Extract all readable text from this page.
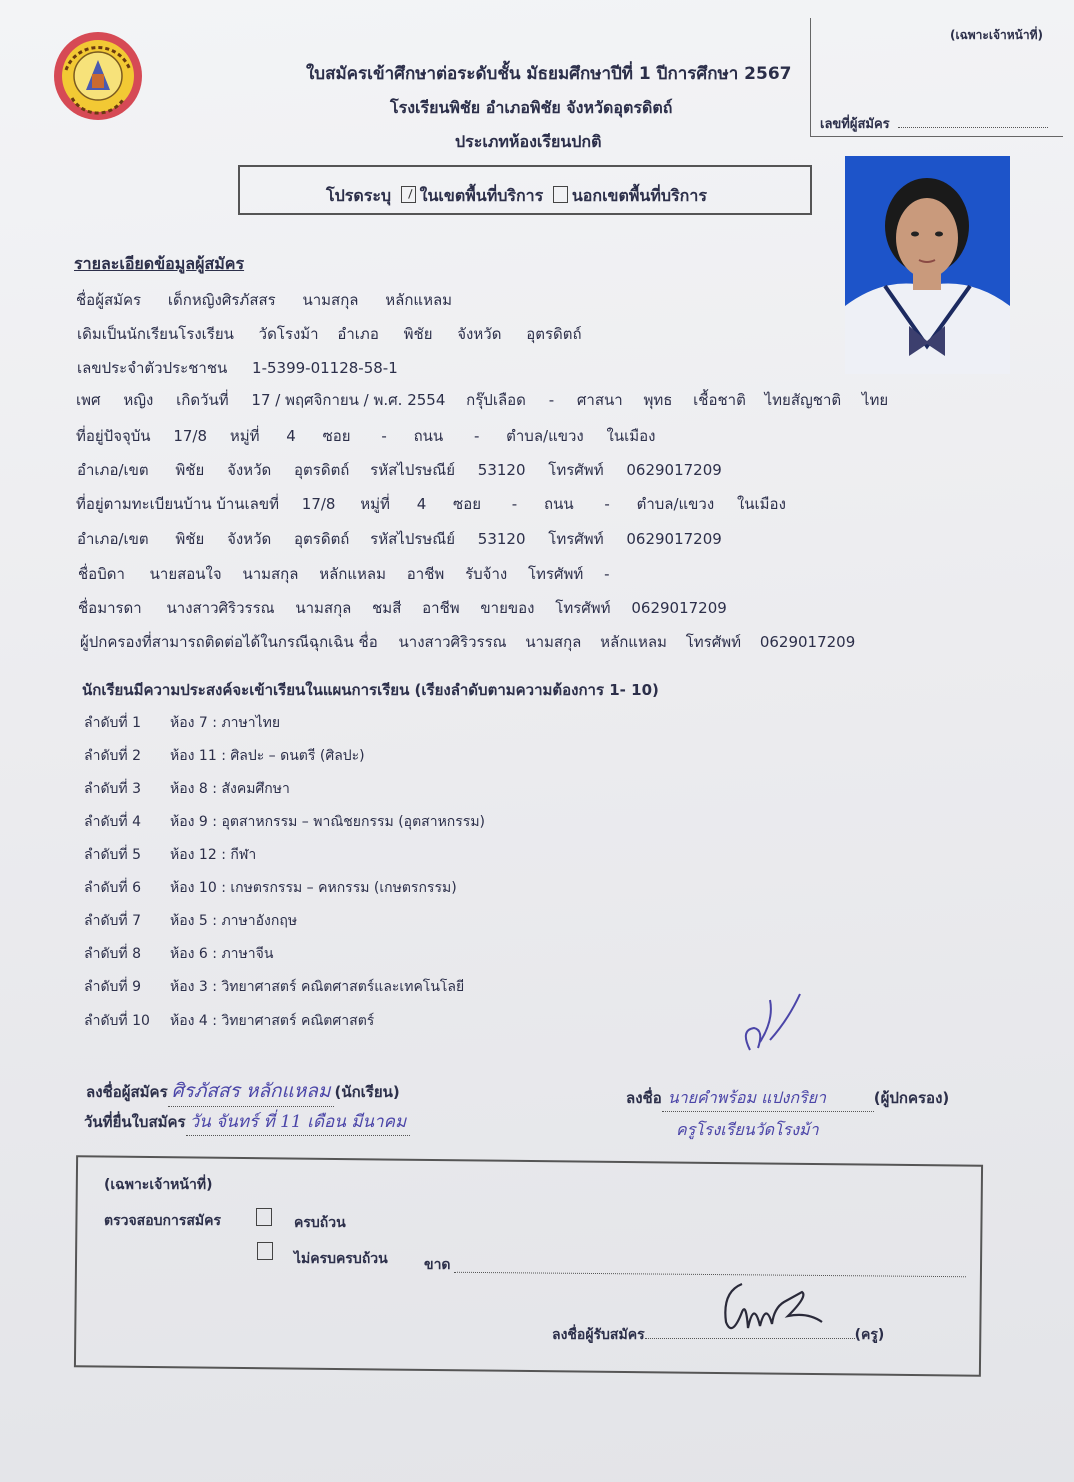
ใบสมัครเข้าศึกษาต่อระดับชั้น มัธยมศึกษาปีที่ 1 ปีการศึกษา 2567
โรงเรียนพิชัย อำเภอพิชัย จังหวัดอุตรดิตถ์
ประเภทห้องเรียนปกติ
(เฉพาะเจ้าหน้าที่)
เลขที่ผู้สมัคร
โปรดระบุ ในเขตพื้นที่บริการ นอกเขตพื้นที่บริการ
รายละเอียดข้อมูลผู้สมัคร
ชื่อผู้สมัคร เด็กหญิงศิรภัสสร นามสกุล หลักแหลม
เดิมเป็นนักเรียนโรงเรียน วัดโรงม้า อำเภอ พิชัย จังหวัด อุตรดิตถ์
เลขประจำตัวประชาชน 1-5399-01128-58-1
เพศ หญิง เกิดวันที่ 17 / พฤศจิกายน / พ.ศ. 2554 กรุ๊ปเลือด - ศาสนา พุทธ เชื้อชาติ ไทยสัญชาติ ไทย
ที่อยู่ปัจจุบัน 17/8 หมู่ที่ 4 ซอย - ถนน - ตำบล/แขวง ในเมือง
อำเภอ/เขต พิชัย จังหวัด อุตรดิตถ์ รหัสไปรษณีย์ 53120 โทรศัพท์ 0629017209
ที่อยู่ตามทะเบียนบ้าน บ้านเลขที่ 17/8 หมู่ที่ 4 ซอย - ถนน - ตำบล/แขวง ในเมือง
อำเภอ/เขต พิชัย จังหวัด อุตรดิตถ์ รหัสไปรษณีย์ 53120 โทรศัพท์ 0629017209
ชื่อบิดา นายสอนใจ นามสกุล หลักแหลม อาชีพ รับจ้าง โทรศัพท์ -
ชื่อมารดา นางสาวศิริวรรณ นามสกุล ชมสี อาชีพ ขายของ โทรศัพท์ 0629017209
ผู้ปกครองที่สามารถติดต่อได้ในกรณีฉุกเฉิน ชื่อ นางสาวศิริวรรณ นามสกุล หลักแหลม โทรศัพท์ 0629017209
นักเรียนมีความประสงค์จะเข้าเรียนในแผนการเรียน (เรียงลำดับตามความต้องการ 1- 10)
ลำดับที่ 1 ห้อง 7 : ภาษาไทย
ลำดับที่ 2 ห้อง 11 : ศิลปะ – ดนตรี (ศิลปะ)
ลำดับที่ 3 ห้อง 8 : สังคมศึกษา
ลำดับที่ 4 ห้อง 9 : อุตสาหกรรม – พาณิชยกรรม (อุตสาหกรรม)
ลำดับที่ 5 ห้อง 12 : กีฬา
ลำดับที่ 6 ห้อง 10 : เกษตรกรรม – คหกรรม (เกษตรกรรม)
ลำดับที่ 7 ห้อง 5 : ภาษาอังกฤษ
ลำดับที่ 8 ห้อง 6 : ภาษาจีน
ลำดับที่ 9 ห้อง 3 : วิทยาศาสตร์ คณิตศาสตร์และเทคโนโลยี
ลำดับที่ 10 ห้อง 4 : วิทยาศาสตร์ คณิตศาสตร์
ลงชื่อผู้สมัคร ศิรภัสสร หลักแหลม (นักเรียน)
วันที่ยื่นใบสมัคร วัน จันทร์ ที่ 11 เดือน มีนาคม
ลงชื่อ นายคำพร้อม แปงกริยา	(ผู้ปกครอง)
ครูโรงเรียนวัดโรงม้า
(เฉพาะเจ้าหน้าที่)
ตรวจสอบการสมัคร	ครบถ้วน
ไม่ครบครบถ้วน	ขาด
ลงชื่อผู้รับสมัคร	(ครู)
